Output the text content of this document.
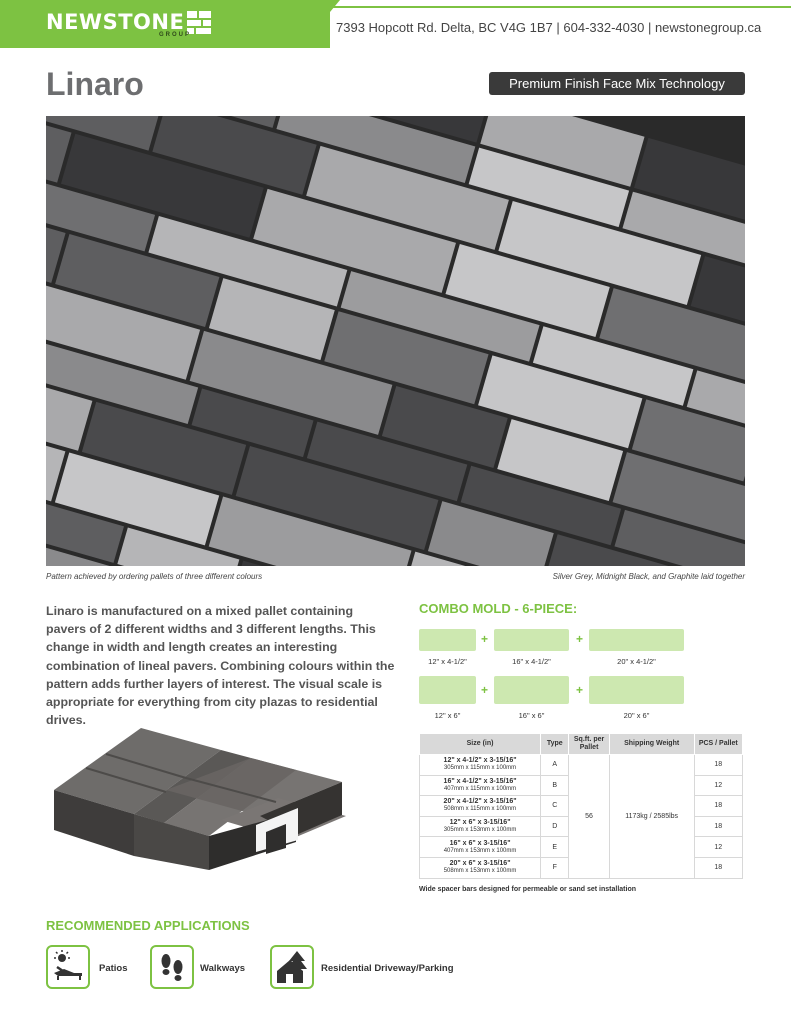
NEWSTONE
GROUP	7393 Hopcott Rd. Delta, BC V4G 1B7 | 604-332-4030 | newstonegroup.ca
Linaro	Premium Finish Face Mix Technology
Pattern achieved by ordering pallets of three different colours	Silver Grey, Midnight Black, and Graphite laid together
Linaro is manufactured on a mixed pallet containing pavers of 2 different widths and 3 different lengths. This change in width and length creates an interesting combination of lineal pavers. Combining colours within the pattern adds further layers of interest. The visual scale is appropriate for everything from city plazas to residential drives.
COMBO MOLD - 6-PIECE:
+	+
12" x 4-1/2"	16" x 4-1/2"	20" x 4-1/2"
+	+
12" x 6"	16" x 6"	20" x 6"
Size (in)	Type	Sq.ft. per Pallet	Shipping Weight	PCS / Pallet

12" x 4-1/2" x 3-15/16"
305mm x 115mm x 100mm	A	56	1173kg / 2585lbs	18

16" x 4-1/2" x 3-15/16"
407mm x 115mm x 100mm	B			12

20" x 4-1/2" x 3-15/16"
508mm x 115mm x 100mm	C			18

12" x 6" x 3-15/16"
305mm x 153mm x 100mm	D			18

16" x 6" x 3-15/16"
407mm x 153mm x 100mm	E			12

20" x 6" x 3-15/16"
508mm x 153mm x 100mm	F			18
Wide spacer bars designed for permeable or sand set installation
RECOMMENDED APPLICATIONS
Patios	Walkways	Residential Driveway/Parking
